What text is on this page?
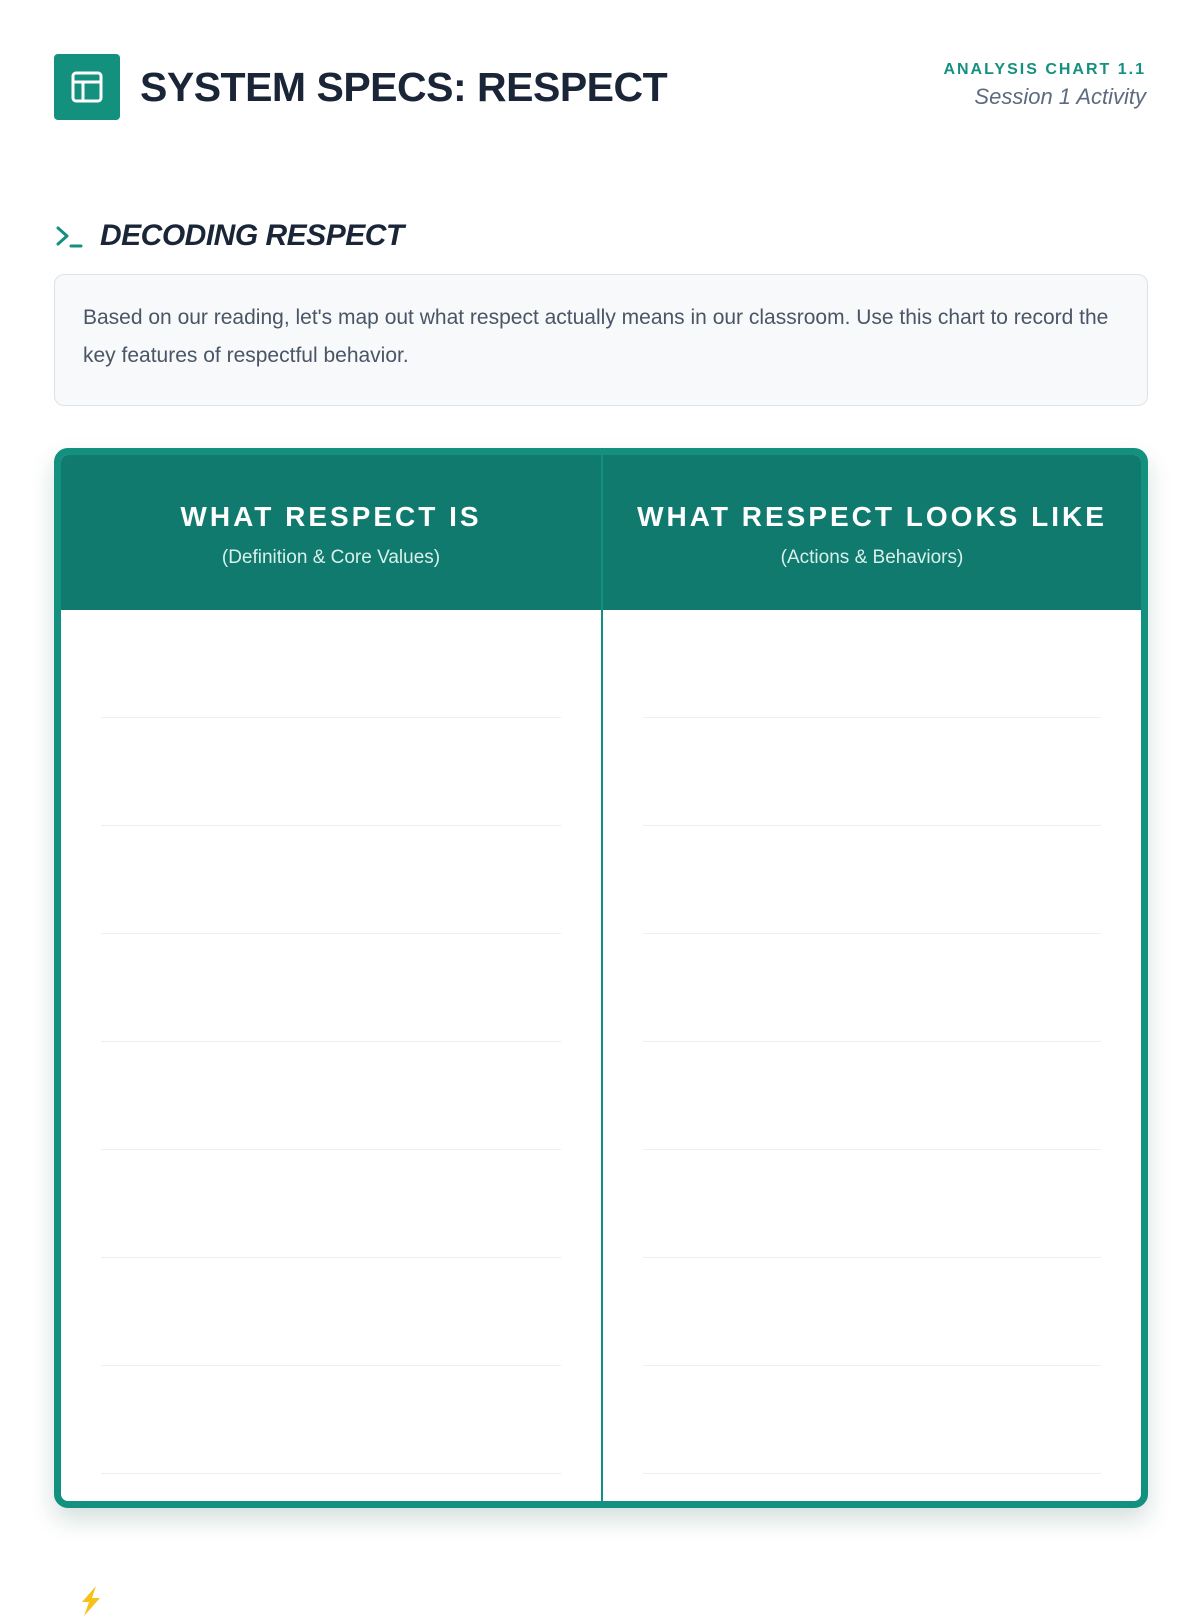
SYSTEM SPECS: RESPECT	ANALYSIS CHART 1.1
Session 1 Activity
DECODING RESPECT

Based on our reading, let's map out what respect actually means in our classroom. Use this chart to record the key features of respectful behavior.

WHAT RESPECT IS
(Definition & Core Values)
WHAT RESPECT LOOKS LIKE
(Actions & Behaviors)
